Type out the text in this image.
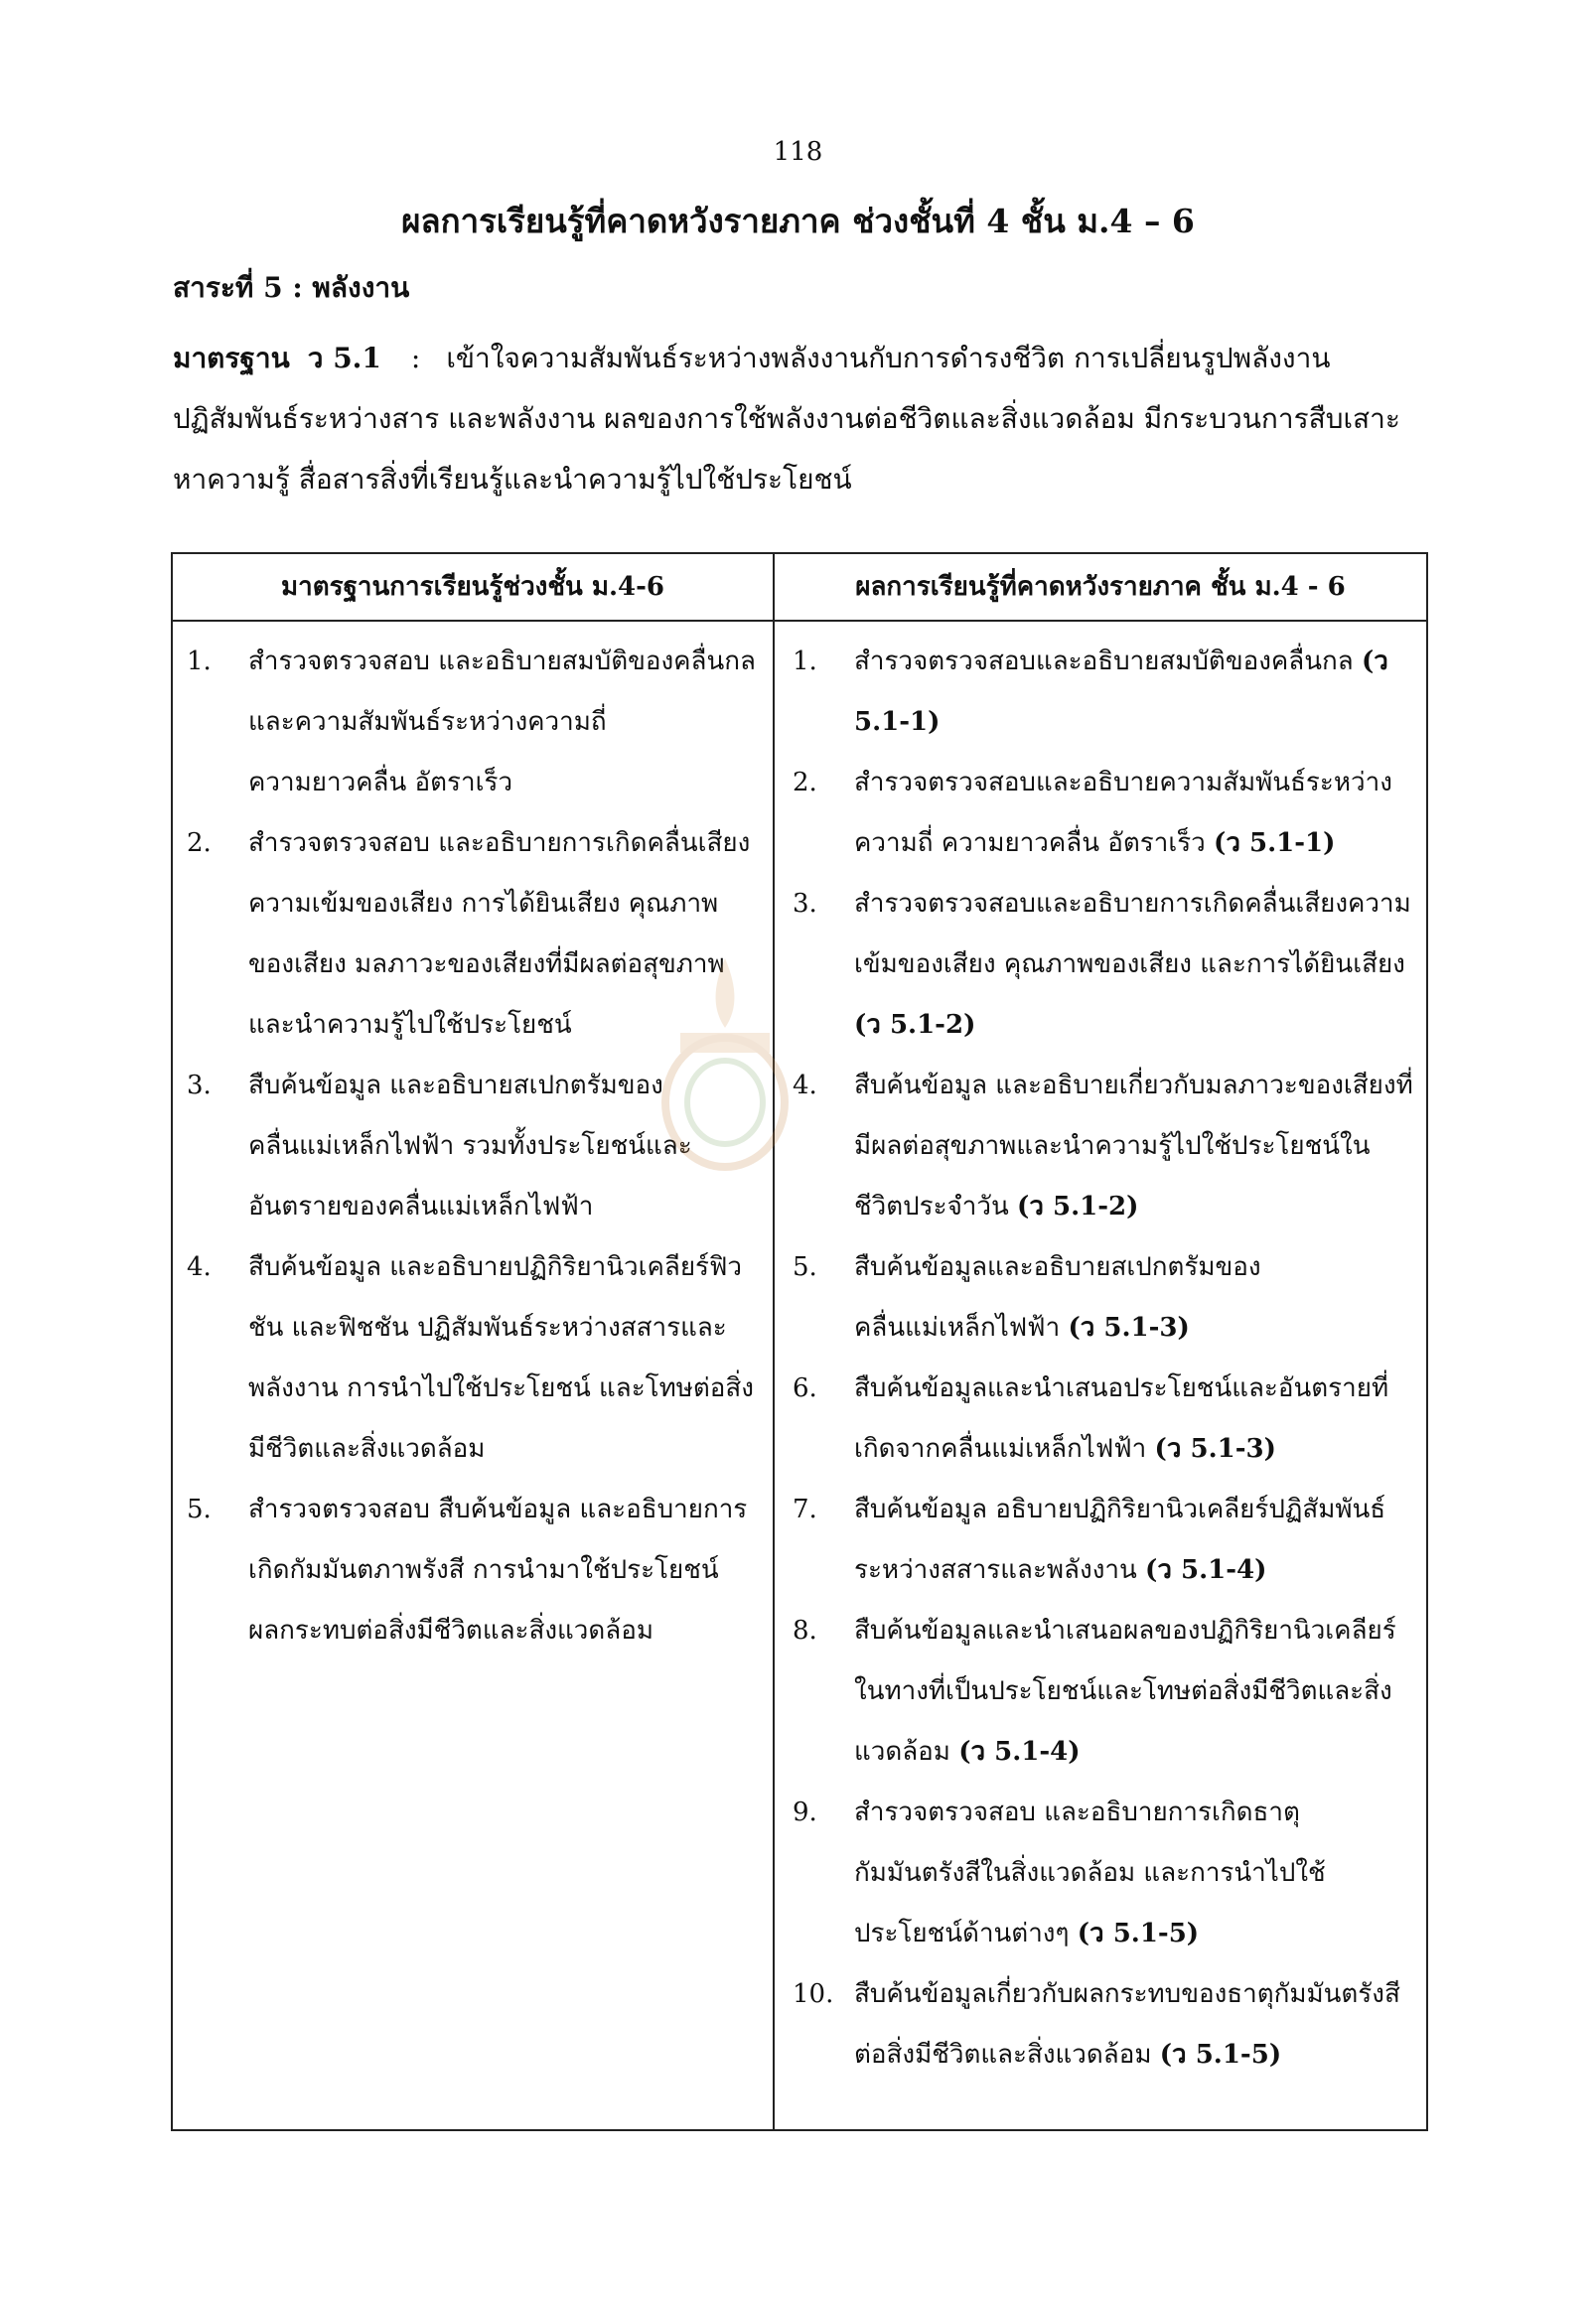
118
ผลการเรียนรู้ที่คาดหวังรายภาค ช่วงชั้นที่ 4 ชั้น ม.4 – 6
สาระที่ 5 : พลังงาน
มาตรฐาน ว 5.1 : เข้าใจความสัมพันธ์ระหว่างพลังงานกับการดำรงชีวิต การเปลี่ยนรูปพลังงาน ปฏิสัมพันธ์ระหว่างสาร และพลังงาน ผลของการใช้พลังงานต่อชีวิตและสิ่งแวดล้อม มีกระบวนการสืบเสาะหาความรู้ สื่อสารสิ่งที่เรียนรู้และนำความรู้ไปใช้ประโยชน์
มาตรฐานการเรียนรู้ช่วงชั้น ม.4-6	ผลการเรียนรู้ที่คาดหวังรายภาค ชั้น ม.4 - 6
1. สำรวจตรวจสอบ และอธิบายสมบัติของคลื่นกล และความสัมพันธ์ระหว่างความถี่ ความยาวคลื่น อัตราเร็ว
2. สำรวจตรวจสอบ และอธิบายการเกิดคลื่นเสียง ความเข้มของเสียง การได้ยินเสียง คุณภาพของเสียง มลภาวะของเสียงที่มีผลต่อสุขภาพ และนำความรู้ไปใช้ประโยชน์
3. สืบค้นข้อมูล และอธิบายสเปกตรัมของคลื่นแม่เหล็กไฟฟ้า รวมทั้งประโยชน์และอันตรายของคลื่นแม่เหล็กไฟฟ้า
4. สืบค้นข้อมูล และอธิบายปฏิกิริยานิวเคลียร์ฟิวชัน และฟิชชัน ปฏิสัมพันธ์ระหว่างสสารและพลังงาน การนำไปใช้ประโยชน์ และโทษต่อสิ่งมีชีวิตและสิ่งแวดล้อม
5. สำรวจตรวจสอบ สืบค้นข้อมูล และอธิบายการเกิดกัมมันตภาพรังสี การนำมาใช้ประโยชน์ ผลกระทบต่อสิ่งมีชีวิตและสิ่งแวดล้อม
1. สำรวจตรวจสอบและอธิบายสมบัติของคลื่นกล (ว 5.1-1)
2. สำรวจตรวจสอบและอธิบายความสัมพันธ์ระหว่างความถี่ ความยาวคลื่น อัตราเร็ว (ว 5.1-1)
3. สำรวจตรวจสอบและอธิบายการเกิดคลื่นเสียงความเข้มของเสียง คุณภาพของเสียง และการได้ยินเสียง (ว 5.1-2)
4. สืบค้นข้อมูล และอธิบายเกี่ยวกับมลภาวะของเสียงที่มีผลต่อสุขภาพและนำความรู้ไปใช้ประโยชน์ในชีวิตประจำวัน (ว 5.1-2)
5. สืบค้นข้อมูลและอธิบายสเปกตรัมของคลื่นแม่เหล็กไฟฟ้า (ว 5.1-3)
6. สืบค้นข้อมูลและนำเสนอประโยชน์และอันตรายที่เกิดจากคลื่นแม่เหล็กไฟฟ้า (ว 5.1-3)
7. สืบค้นข้อมูล อธิบายปฏิกิริยานิวเคลียร์ปฏิสัมพันธ์ระหว่างสสารและพลังงาน (ว 5.1-4)
8. สืบค้นข้อมูลและนำเสนอผลของปฏิกิริยานิวเคลียร์ในทางที่เป็นประโยชน์และโทษต่อสิ่งมีชีวิตและสิ่งแวดล้อม (ว 5.1-4)
9. สำรวจตรวจสอบ และอธิบายการเกิดธาตุกัมมันตรังสีในสิ่งแวดล้อม และการนำไปใช้ประโยชน์ด้านต่างๆ (ว 5.1-5)
10. สืบค้นข้อมูลเกี่ยวกับผลกระทบของธาตุกัมมันตรังสีต่อสิ่งมีชีวิตและสิ่งแวดล้อม (ว 5.1-5)
